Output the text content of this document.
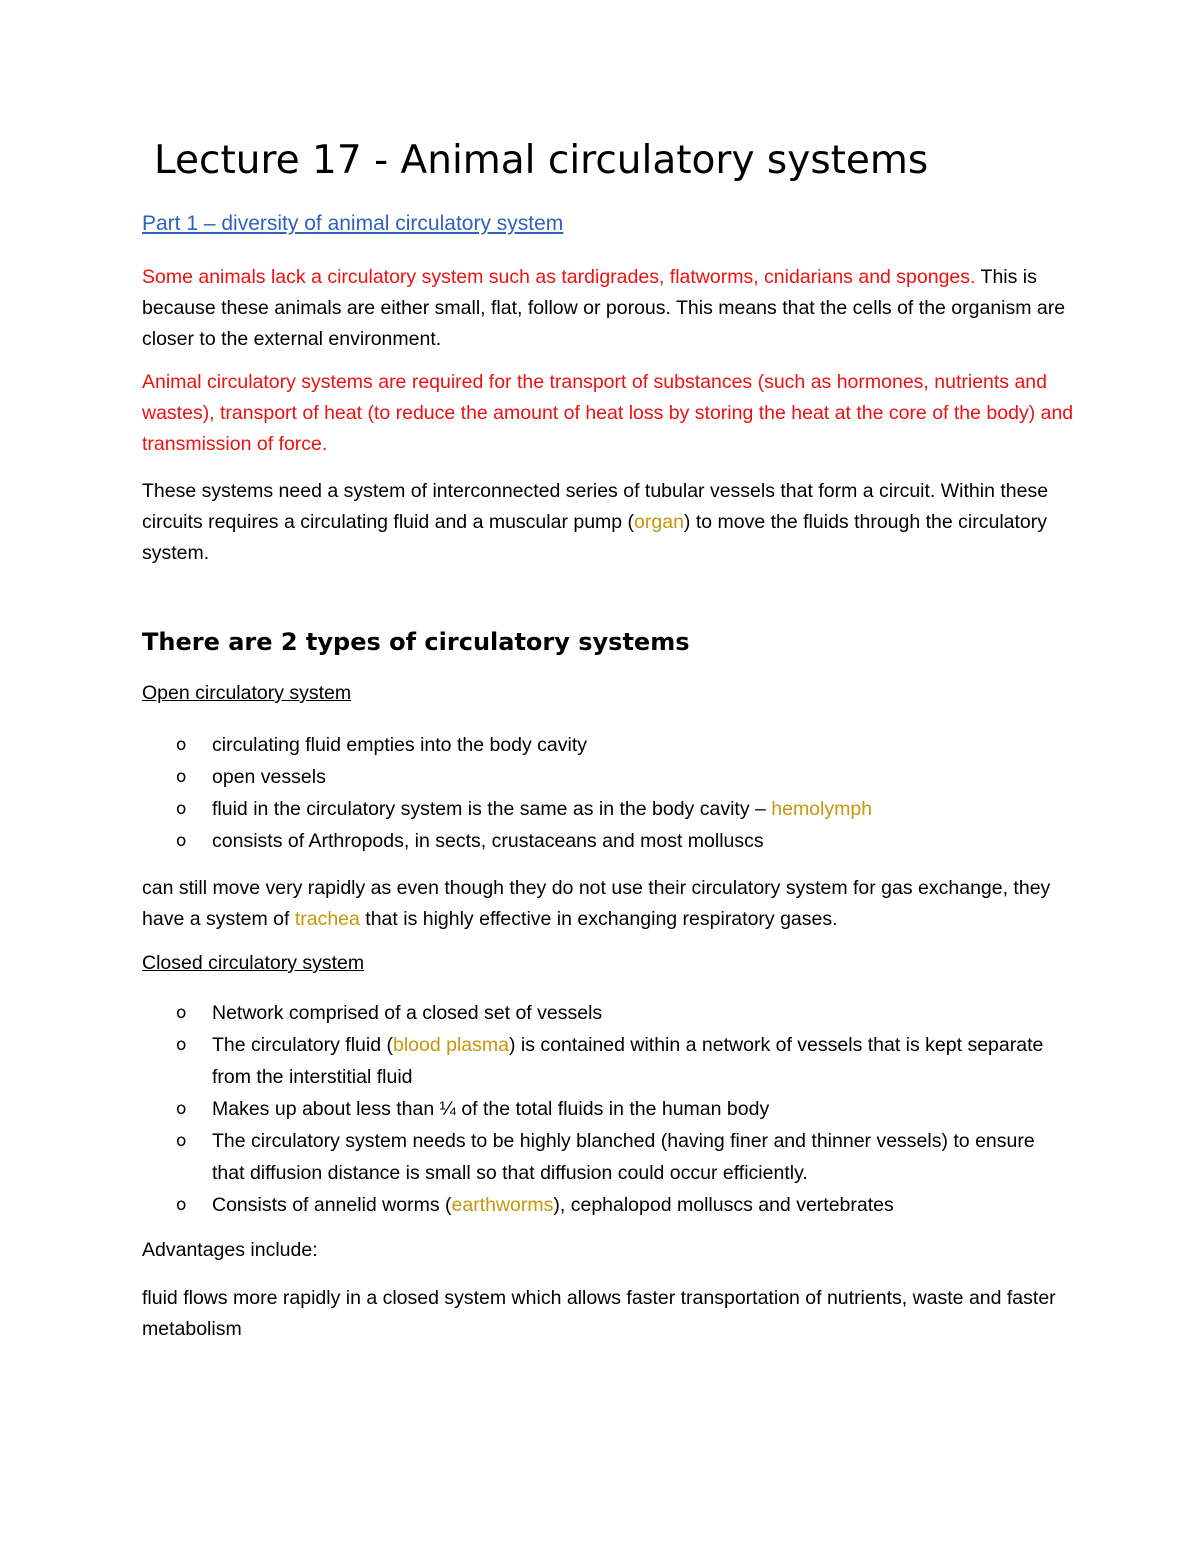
Lecture 17 - Animal circulatory systems
Part 1 – diversity of animal circulatory system

Some animals lack a circulatory system such as tardigrades, flatworms, cnidarians and sponges. This is because these animals are either small, flat, follow or porous. This means that the cells of the organism are closer to the external environment.

Animal circulatory systems are required for the transport of substances (such as hormones, nutrients and wastes), transport of heat (to reduce the amount of heat loss by storing the heat at the core of the body) and transmission of force.

These systems need a system of interconnected series of tubular vessels that form a circuit. Within these circuits requires a circulating fluid and a muscular pump (organ) to move the fluids through the circulatory system.

There are 2 types of circulatory systems
Open circulatory system
o circulating fluid empties into the body cavity
o open vessels
o fluid in the circulatory system is the same as in the body cavity – hemolymph
o consists of Arthropods, in sects, crustaceans and most molluscs

can still move very rapidly as even though they do not use their circulatory system for gas exchange, they have a system of trachea that is highly effective in exchanging respiratory gases.

Closed circulatory system
o Network comprised of a closed set of vessels
o The circulatory fluid (blood plasma) is contained within a network of vessels that is kept separate from the interstitial fluid
o Makes up about less than ¼ of the total fluids in the human body
o The circulatory system needs to be highly blanched (having finer and thinner vessels) to ensure that diffusion distance is small so that diffusion could occur efficiently.
o Consists of annelid worms (earthworms), cephalopod molluscs and vertebrates

Advantages include:

fluid flows more rapidly in a closed system which allows faster transportation of nutrients, waste and faster metabolism
